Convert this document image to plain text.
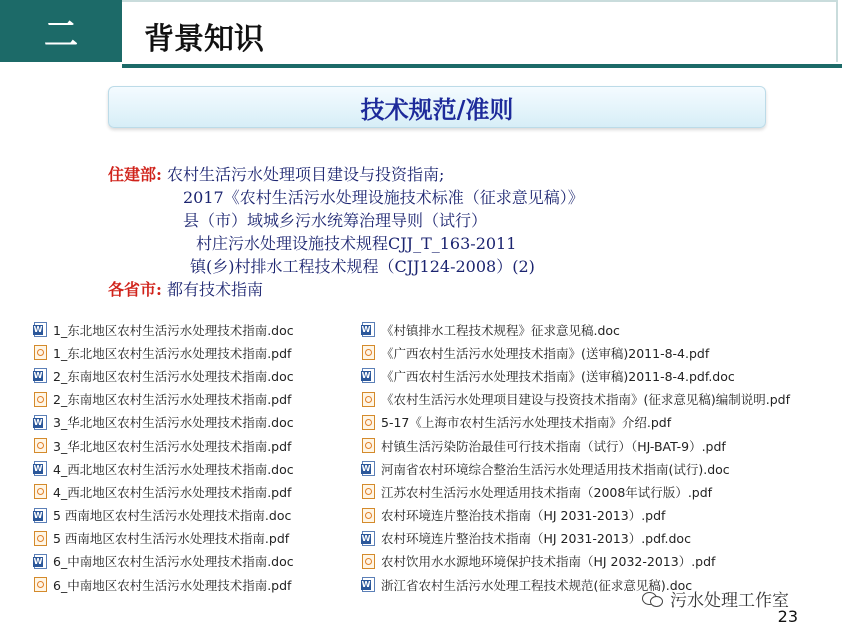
二	背景知识
技术规范/准则
住建部: 农村生活污水处理项目建设与投资指南;
2017《农村生活污水处理设施技术标准（征求意见稿）》
县（市）域城乡污水统筹治理导则（试行）
村庄污水处理设施技术规程CJJ_T_163-2011
镇(乡)村排水工程技术规程（CJJ124-2008）(2)
各省市: 都有技术指南
W
1_东北地区农村生活污水处理技术指南.doc
1_东北地区农村生活污水处理技术指南.pdf
W
2_东南地区农村生活污水处理技术指南.doc
2_东南地区农村生活污水处理技术指南.pdf
W
3_华北地区农村生活污水处理技术指南.doc
3_华北地区农村生活污水处理技术指南.pdf
W
4_西北地区农村生活污水处理技术指南.doc
4_西北地区农村生活污水处理技术指南.pdf
W
5 西南地区农村生活污水处理技术指南.doc
5 西南地区农村生活污水处理技术指南.pdf
W
6_中南地区农村生活污水处理技术指南.doc
6_中南地区农村生活污水处理技术指南.pdf
W
《村镇排水工程技术规程》征求意见稿.doc
《广西农村生活污水处理技术指南》(送审稿)2011-8-4.pdf
W
《广西农村生活污水处理技术指南》(送审稿)2011-8-4.pdf.doc
《农村生活污水处理项目建设与投资技术指南》(征求意见稿)编制说明.pdf
5-17《上海市农村生活污水处理技术指南》介绍.pdf
村镇生活污染防治最佳可行技术指南（试行）（HJ-BAT-9）.pdf
W
河南省农村环境综合整治生活污水处理适用技术指南(试行).doc
江苏农村生活污水处理适用技术指南（2008年试行版）.pdf
农村环境连片整治技术指南（HJ 2031-2013）.pdf
W
农村环境连片整治技术指南（HJ 2031-2013）.pdf.doc
农村饮用水水源地环境保护技术指南（HJ 2032-2013）.pdf
W
浙江省农村生活污水处理工程技术规范(征求意见稿).doc
污水处理工作室
23
